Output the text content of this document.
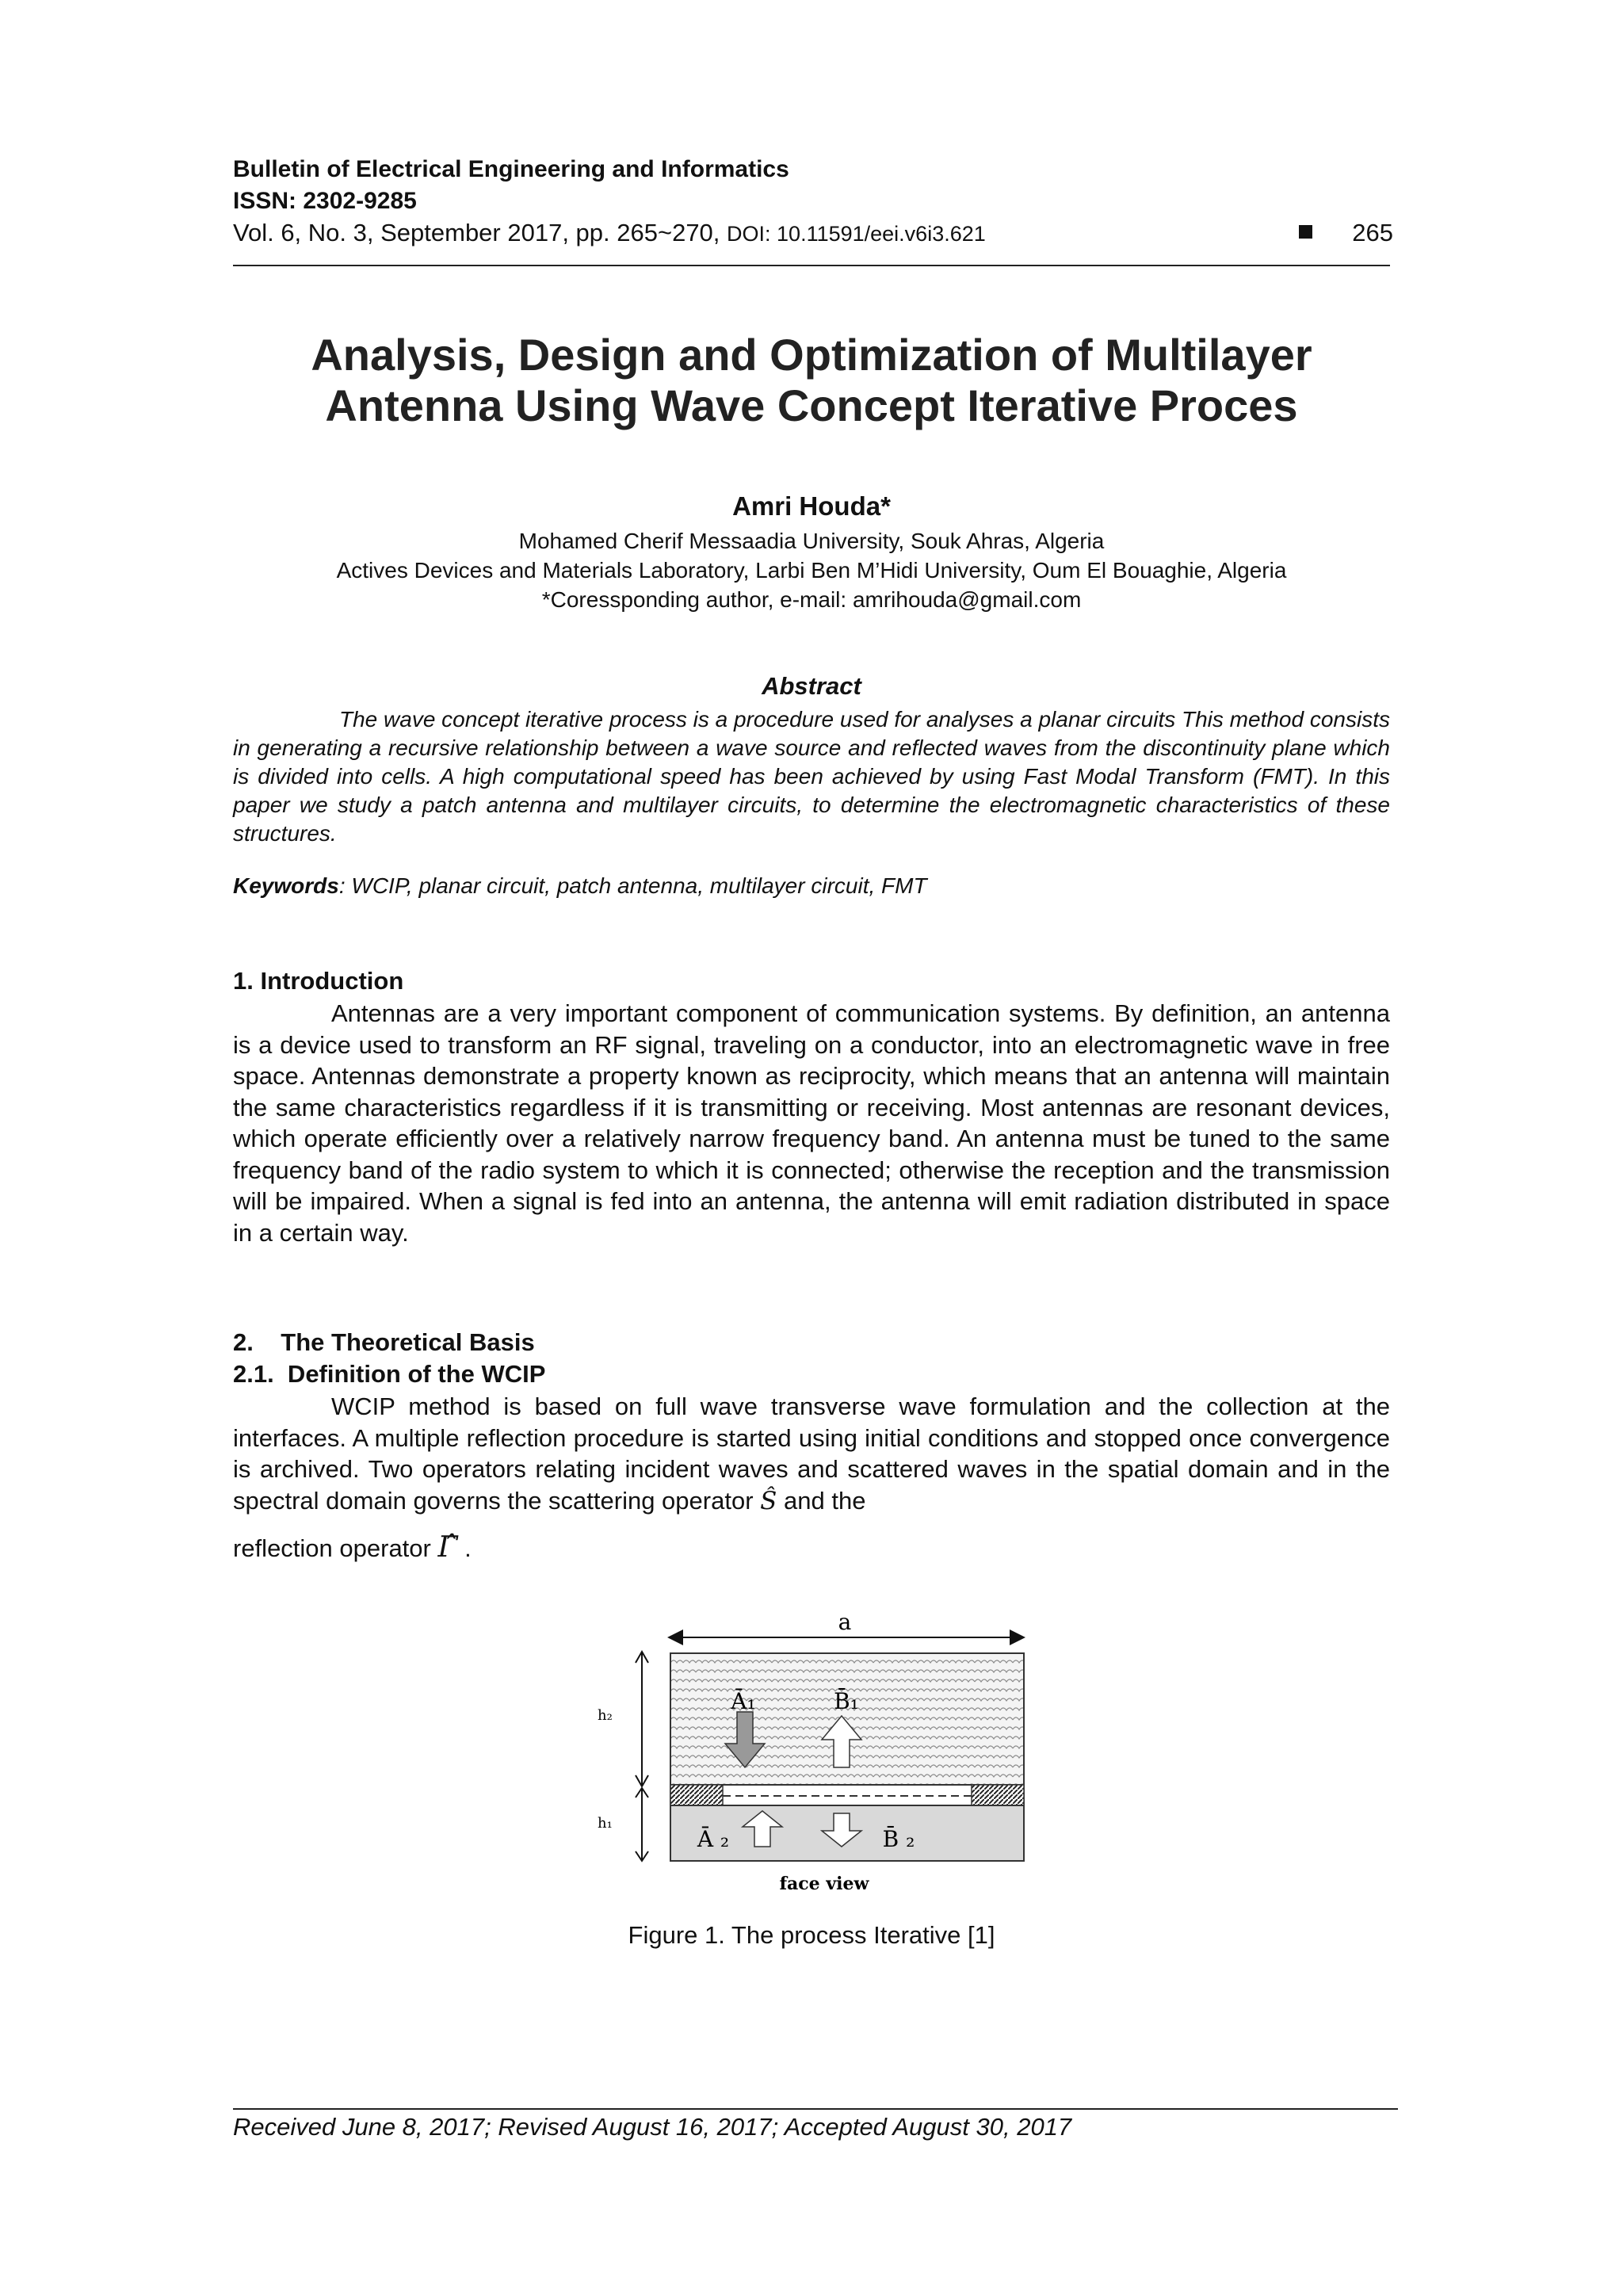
Bulletin of Electrical Engineering and Informatics
ISSN: 2302-9285
Vol. 6, No. 3, September 2017, pp. 265~270, DOI: 10.11591/eei.v6i3.621	265
Analysis, Design and Optimization of Multilayer
Antenna Using Wave Concept Iterative Proces
Amri Houda*
Mohamed Cherif Messaadia University, Souk Ahras, Algeria
Actives Devices and Materials Laboratory, Larbi Ben M’Hidi University, Oum El Bouaghie, Algeria
*Coressponding author, e-mail: amrihouda@gmail.com
Abstract
The wave concept iterative process is a procedure used for analyses a planar circuits This method consists in generating a recursive relationship between a wave source and reflected waves from the discontinuity plane which is divided into cells. A high computational speed has been achieved by using Fast Modal Transform (FMT). In this paper we study a patch antenna and multilayer circuits, to determine the electromagnetic characteristics of these structures.
Keywords: WCIP, planar circuit, patch antenna, multilayer circuit, FMT
1. Introduction
Antennas are a very important component of communication systems. By definition, an antenna is a device used to transform an RF signal, traveling on a conductor, into an electromagnetic wave in free space. Antennas demonstrate a property known as reciprocity, which means that an antenna will maintain the same characteristics regardless if it is transmitting or receiving. Most antennas are resonant devices, which operate efficiently over a relatively narrow frequency band. An antenna must be tuned to the same frequency band of the radio system to which it is connected; otherwise the reception and the transmission will be impaired. When a signal is fed into an antenna, the antenna will emit radiation distributed in space in a certain way.
2.    The Theoretical Basis
2.1.  Definition of the WCIP
WCIP method is based on full wave transverse wave formulation and the collection at the interfaces. A multiple reflection procedure is started using initial conditions and stopped once convergence is archived. Two operators relating incident waves and scattered waves in the spatial domain and in the spectral domain governs the scattering operator Ŝ and the
reflection operator Γ̂ .
a
h₂
h₁
Ā₁	B̄₁
Ā ₂	B̄ ₂
face view
Figure 1. The process Iterative [1]
Received June 8, 2017; Revised August 16, 2017; Accepted August 30, 2017
